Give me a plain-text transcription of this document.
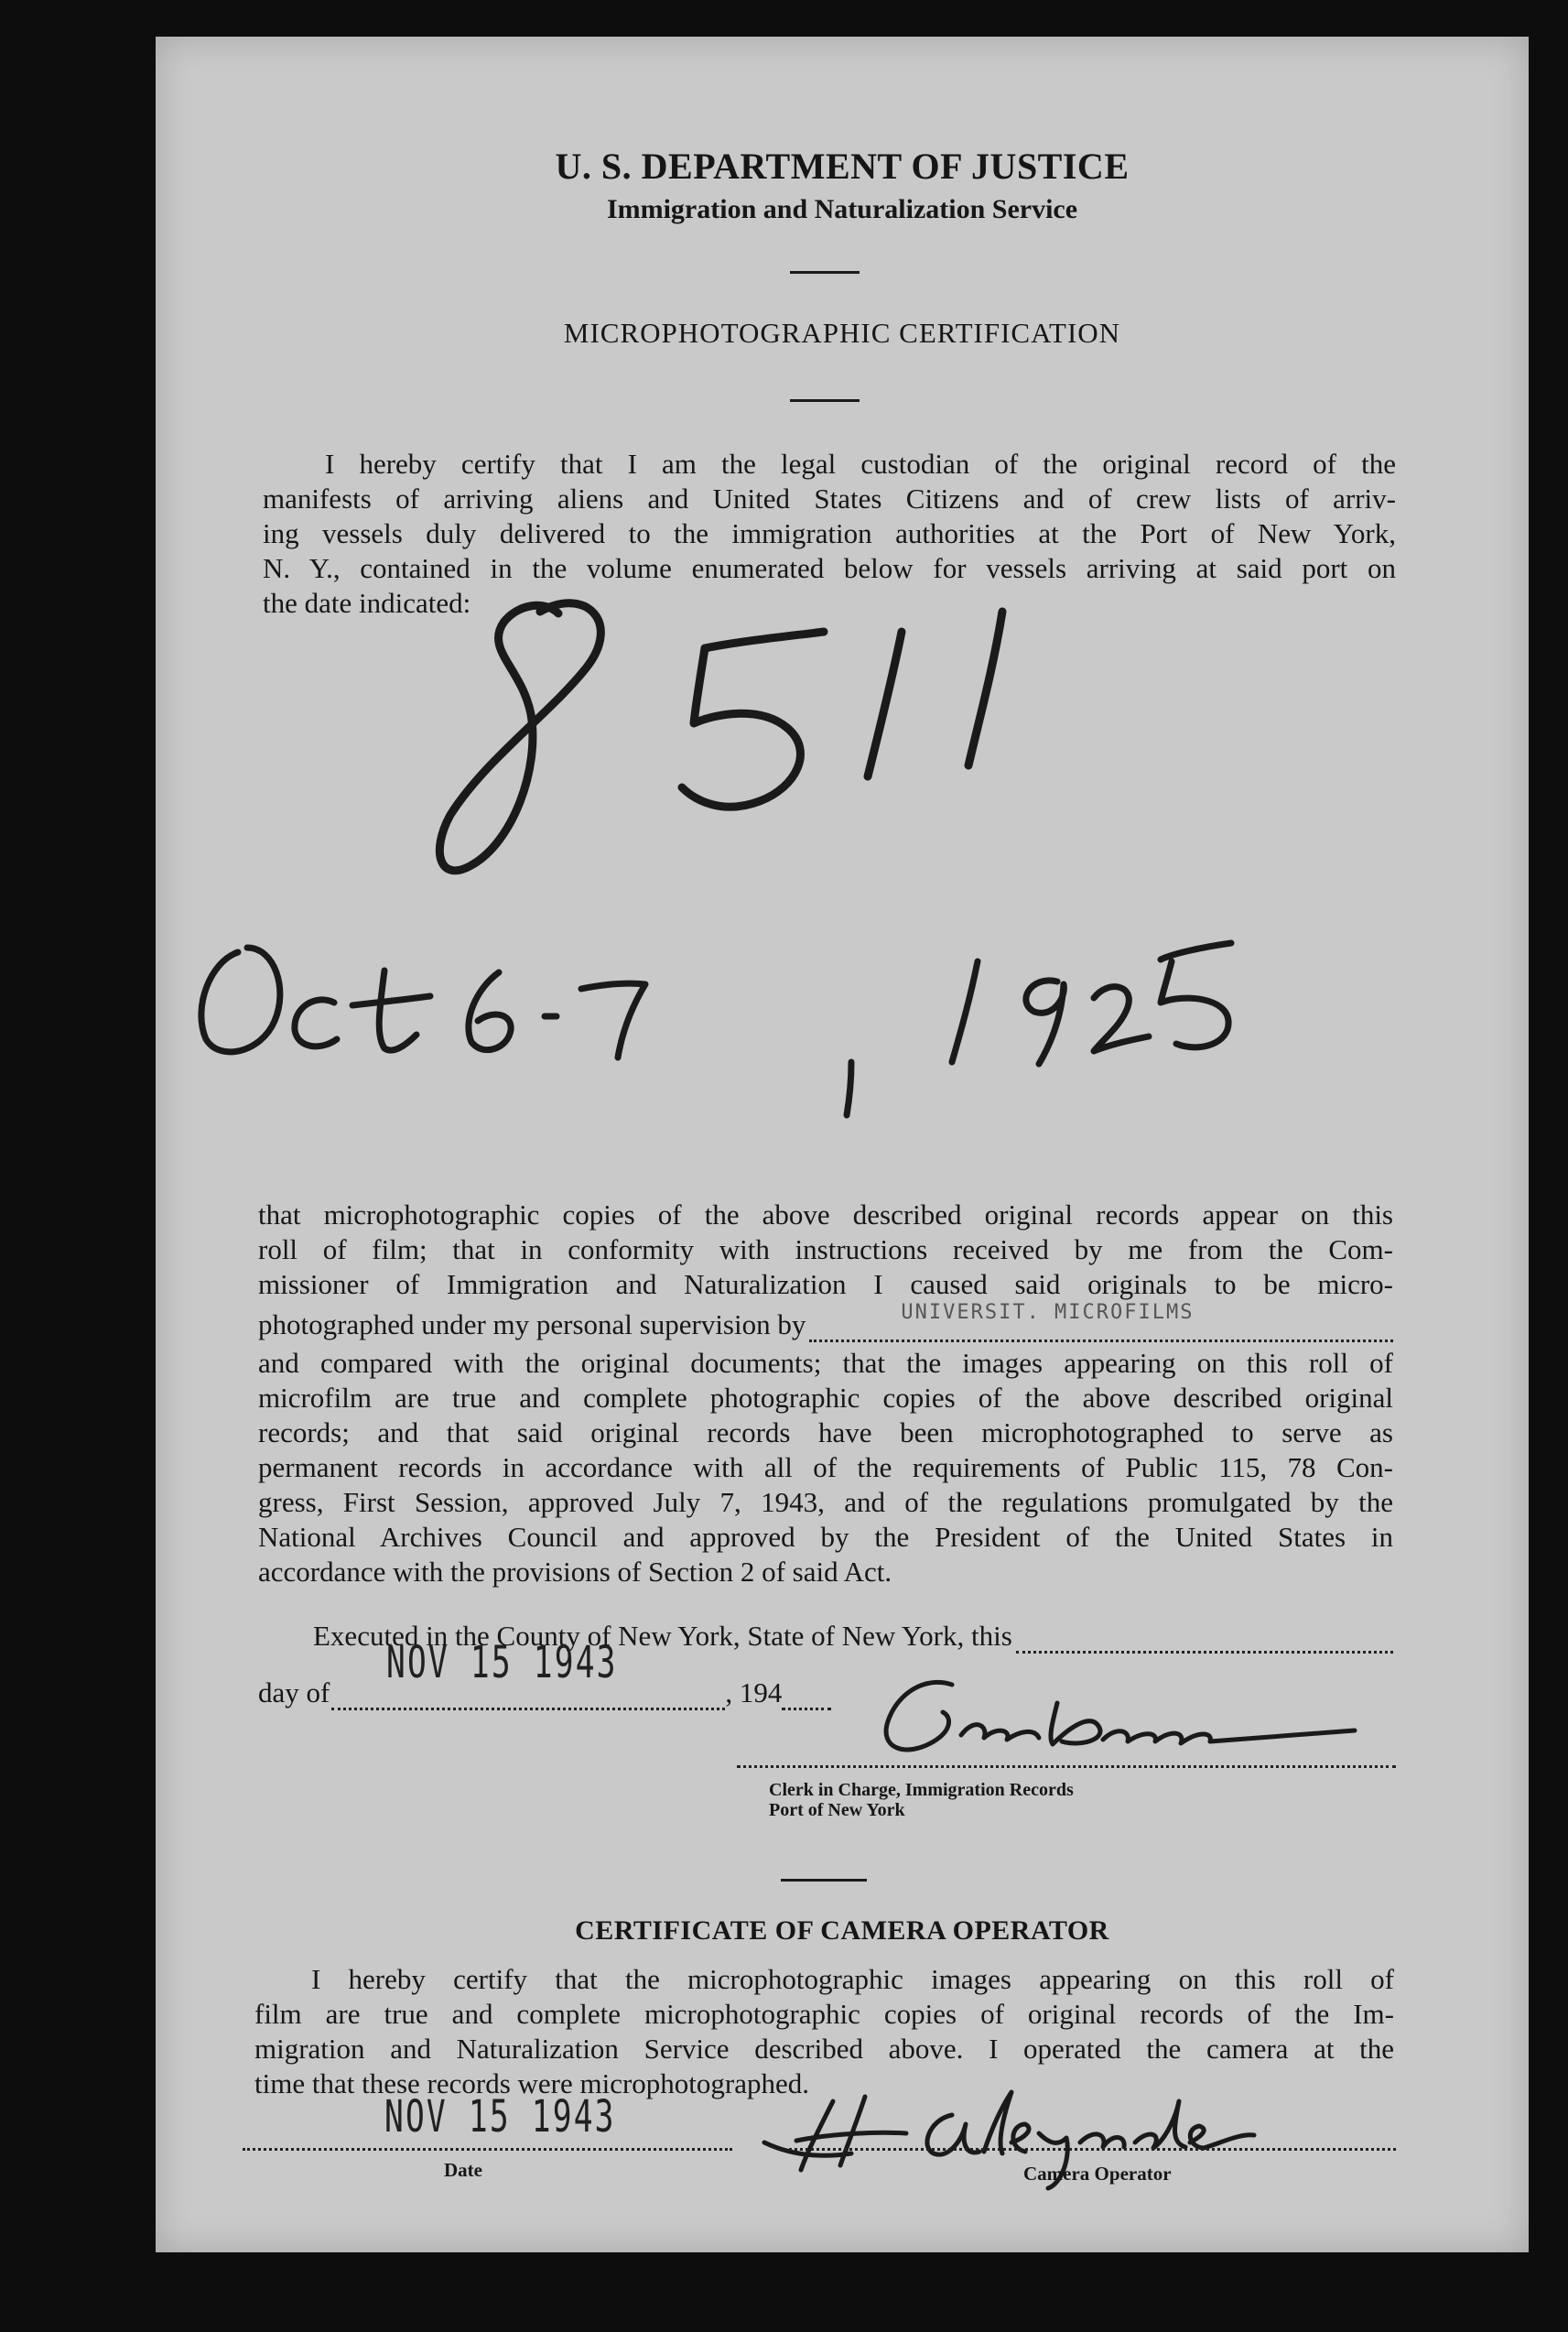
U. S. DEPARTMENT OF JUSTICE
Immigration and Naturalization Service
MICROPHOTOGRAPHIC CERTIFICATION
I hereby certify that I am the legal custodian of the original record of the
manifests of arriving aliens and United States Citizens and of crew lists of arriv-
ing vessels duly delivered to the immigration authorities at the Port of New York,
N. Y., contained in the volume enumerated below for vessels arriving at said port on
the date indicated:
that microphotographic copies of the above described original records appear on this
roll of film; that in conformity with instructions received by me from the Com-
missioner of Immigration and Naturalization I caused said originals to be micro-
photographed under my personal supervision by	UNIVERSIT. MICROFILMS
and compared with the original documents; that the images appearing on this roll of
microfilm are true and complete photographic copies of the above described original
records; and that said original records have been microphotographed to serve as
permanent records in accordance with all of the requirements of Public 115, 78 Con-
gress, First Session, approved July 7, 1943, and of the regulations promulgated by the
National Archives Council and approved by the President of the United States in
accordance with the provisions of Section 2 of said Act.
Executed in the County of New York, State of New York, this
day of
NOV 15 1943
, 194
Clerk in Charge, Immigration Records
Port of New York
CERTIFICATE OF CAMERA OPERATOR
I hereby certify that the microphotographic images appearing on this roll of
film are true and complete microphotographic copies of original records of the Im-
migration and Naturalization Service described above. I operated the camera at the
time that these records were microphotographed.
NOV 15 1943
Date	Camera Operator
